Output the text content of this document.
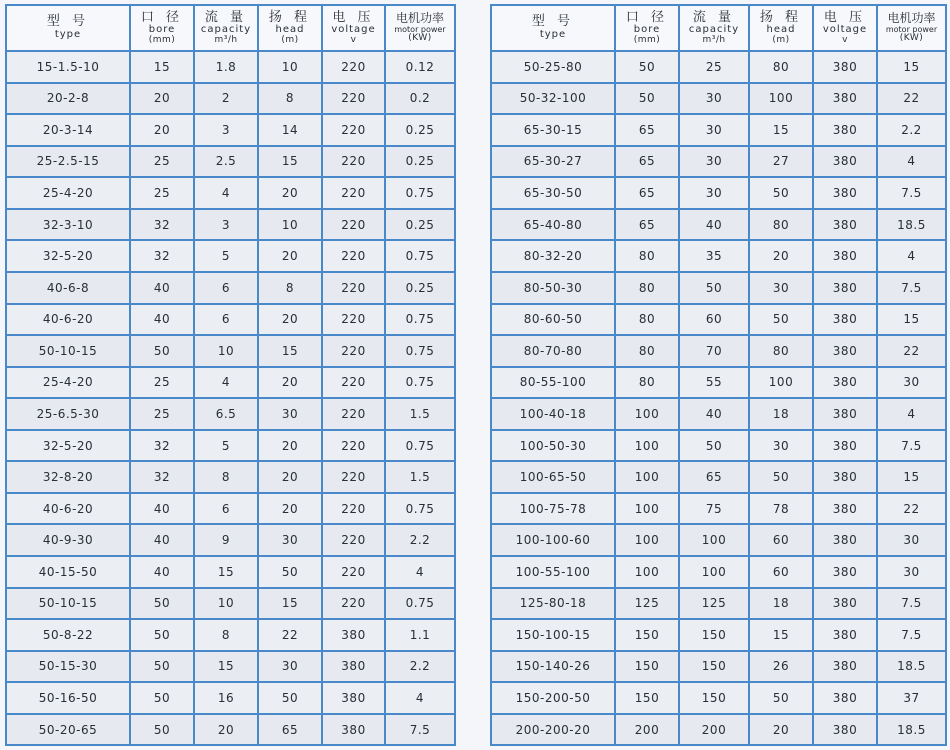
型 号
type	口 径
bore
(mm)	流 量
capacity
m³/h	扬 程
head
(m)	电 压
voltage
v	电机功率
motor power
(KW)

15-1.5-10	15	1.8	10	220	0.12
20-2-8	20	2	8	220	0.2
20-3-14	20	3	14	220	0.25
25-2.5-15	25	2.5	15	220	0.25
25-4-20	25	4	20	220	0.75
32-3-10	32	3	10	220	0.25
32-5-20	32	5	20	220	0.75
40-6-8	40	6	8	220	0.25
40-6-20	40	6	20	220	0.75
50-10-15	50	10	15	220	0.75
25-4-20	25	4	20	220	0.75
25-6.5-30	25	6.5	30	220	1.5
32-5-20	32	5	20	220	0.75
32-8-20	32	8	20	220	1.5
40-6-20	40	6	20	220	0.75
40-9-30	40	9	30	220	2.2
40-15-50	40	15	50	220	4
50-10-15	50	10	15	220	0.75
50-8-22	50	8	22	380	1.1
50-15-30	50	15	30	380	2.2
50-16-50	50	16	50	380	4
50-20-65	50	20	65	380	7.5
型 号
type	口 径
bore
(mm)	流 量
capacity
m³/h	扬 程
head
(m)	电 压
voltage
v	电机功率
motor power
(KW)

50-25-80	50	25	80	380	15
50-32-100	50	30	100	380	22
65-30-15	65	30	15	380	2.2
65-30-27	65	30	27	380	4
65-30-50	65	30	50	380	7.5
65-40-80	65	40	80	380	18.5
80-32-20	80	35	20	380	4
80-50-30	80	50	30	380	7.5
80-60-50	80	60	50	380	15
80-70-80	80	70	80	380	22
80-55-100	80	55	100	380	30
100-40-18	100	40	18	380	4
100-50-30	100	50	30	380	7.5
100-65-50	100	65	50	380	15
100-75-78	100	75	78	380	22
100-100-60	100	100	60	380	30
100-55-100	100	100	60	380	30
125-80-18	125	125	18	380	7.5
150-100-15	150	150	15	380	7.5
150-140-26	150	150	26	380	18.5
150-200-50	150	150	50	380	37
200-200-20	200	200	20	380	18.5
